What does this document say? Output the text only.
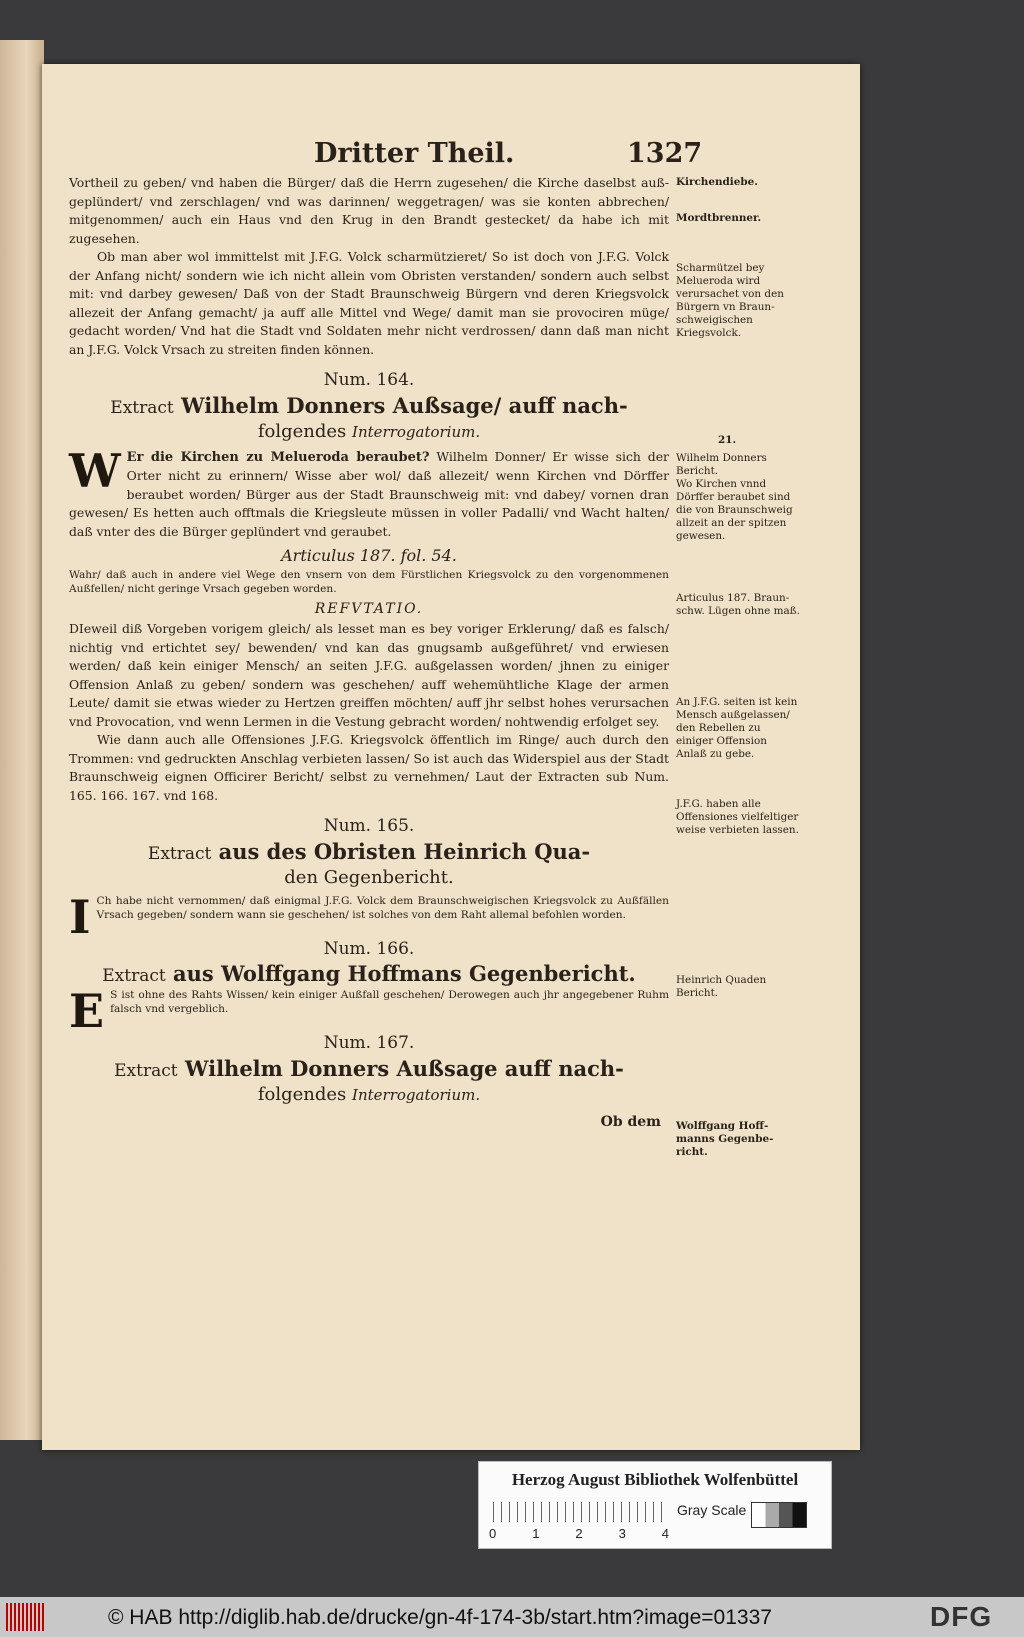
Dritter Theil.	1327

Vortheil zu geben/ vnd haben die Bürger/ daß die Herrn zugesehen/ die Kirche daselbst außgeplündert/ vnd zerschlagen/ vnd was darinnen/ weggetragen/ was sie konten abbrechen/ mitgenommen/ auch ein Haus vnd den Krug in den Brandt gestecket/ da habe ich mit zugesehen.

Ob man aber wol immittelst mit J.F.G. Volck scharmützieret/ So ist doch von J.F.G. Volck der Anfang nicht/ sondern wie ich nicht allein vom Obristen verstanden/ sondern auch selbst mit: vnd darbey gewesen/ Daß von der Stadt Braunschweig Bürgern vnd deren Kriegsvolck allezeit der Anfang gemacht/ ja auff alle Mittel vnd Wege/ damit man sie provociren müge/ gedacht worden/ Vnd hat die Stadt vnd Soldaten mehr nicht verdrossen/ dann daß man nicht an J.F.G. Volck Vrsach zu streiten finden können.

Num. 164.
Extract Wilhelm Donners Außsage/ auff nach-
folgendes Interrogatorium.

W Er die Kirchen zu Melueroda beraubet? Wilhelm Donner/ Er wisse sich der Orter nicht zu erinnern/ Wisse aber wol/ daß allezeit/ wenn Kirchen vnd Dörffer beraubet worden/ Bürger aus der Stadt Braunschweig mit: vnd dabey/ vornen dran gewesen/ Es hetten auch offtmals die Kriegsleute müssen in voller Padalli/ vnd Wacht halten/ daß vnter des die Bürger geplündert vnd geraubet.

Articulus 187. fol. 54.

Wahr/ daß auch in andere viel Wege den vnsern von dem Fürstlichen Kriegsvolck zu den vorgenommenen Außfellen/ nicht geringe Vrsach gegeben worden.

REFVTATIO.

DIeweil diß Vorgeben vorigem gleich/ als lesset man es bey voriger Erklerung/ daß es falsch/ nichtig vnd ertichtet sey/ bewenden/ vnd kan das gnugsamb außgeführet/ vnd erwiesen werden/ daß kein einiger Mensch/ an seiten J.F.G. außgelassen worden/ jhnen zu einiger Offension Anlaß zu geben/ sondern was geschehen/ auff wehemühtliche Klage der armen Leute/ damit sie etwas wieder zu Hertzen greiffen möchten/ auff jhr selbst hohes verursachen vnd Provocation, vnd wenn Lermen in die Vestung gebracht worden/ nohtwendig erfolget sey.

Wie dann auch alle Offensiones J.F.G. Kriegsvolck öffentlich im Ringe/ auch durch den Trommen: vnd gedruckten Anschlag verbieten lassen/ So ist auch das Widerspiel aus der Stadt Braunschweig eignen Officirer Bericht/ selbst zu vernehmen/ Laut der Extracten sub Num. 165. 166. 167. vnd 168.

Num. 165.
Extract aus des Obristen Heinrich Qua-
den Gegenbericht.

I Ch habe nicht vernommen/ daß einigmal J.F.G. Volck dem Braunschweigischen Kriegsvolck zu Außfällen Vrsach gegeben/ sondern wann sie geschehen/ ist solches von dem Raht allemal befohlen worden.

Num. 166.
Extract aus Wolffgang Hoffmans Gegenbericht.

E S ist ohne des Rahts Wissen/ kein einiger Außfall geschehen/ Derowegen auch jhr angegebener Ruhm falsch vnd vergeblich.

Num. 167.
Extract Wilhelm Donners Außsage auff nach-
folgendes Interrogatorium.
Ob dem
Kirchendiebe.
Mordtbrenner.
Scharmützel bey Melueroda wird verursachet von den Bürgern vn Braunschweigischen Kriegsvolck.
21.
Wilhelm Donners Bericht.
Wo Kirchen vnnd Dörffer beraubet sind die von Braunschweig allzeit an der spitzen gewesen.
Articulus 187. Braunschw. Lügen ohne maß.
An J.F.G. seiten ist kein Mensch außgelassen/ den Rebellen zu einiger Offension Anlaß zu gebe.
J.F.G. haben alle Offensiones vielfeltiger weise verbieten lassen.
Heinrich Quaden Bericht.
Wolffgang Hoffmanns Gegenbericht.
Herzog August Bibliothek Wolfenbüttel
0	1	2	3	4
Gray Scale
© HAB http://diglib.hab.de/drucke/gn-4f-174-3b/start.htm?image=01337	DFG
